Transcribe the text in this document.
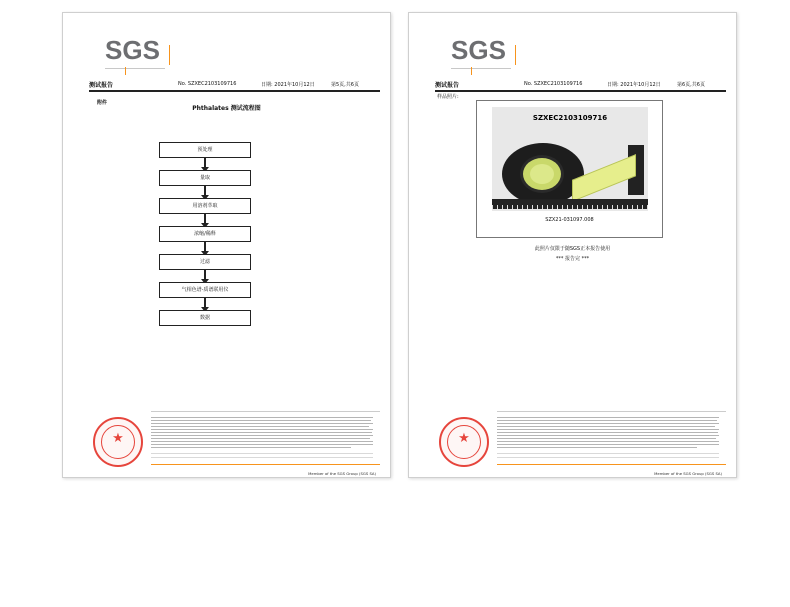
SGS
测试报告	No. SZXEC2103109716	日期: 2021年10月12日	第5页,共6页
附件
Phthalates 测试流程图
预处理
量取
用溶剂萃取
浓缩/稀释
过滤
气相色谱-质谱联用仪
数据
★
Member of the SGS Group (SGS SA)
SGS
测试报告	No. SZXEC2103109716	日期: 2021年10月12日	第6页,共6页
样品照片:
SZXEC2103109716
SZX21-031097.008
此照片仅限于随SGS正本报告使用
*** 报告完 ***
★
Member of the SGS Group (SGS SA)
